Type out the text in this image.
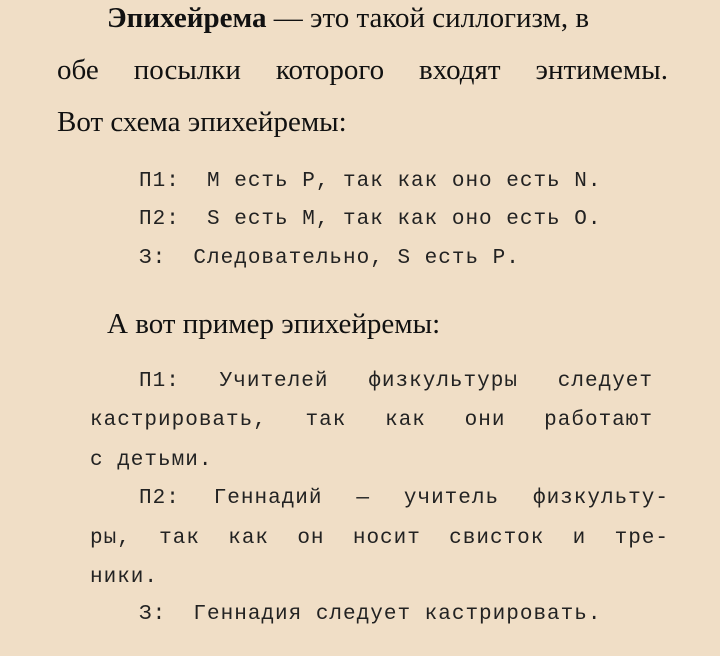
Эпихейрема — это такой силлогизм, в

обе посылки которого входят энтимемы.

Вот схема эпихейремы:

П1:  M есть P, так как оно есть N.

П2:  S есть M, так как оно есть O.

З:  Следовательно, S есть P.

А вот пример эпихейремы:

П1: Учителей физкультуры следует

кастрировать, так как они работают

с детьми.

П2: Геннадий — учитель физкульту-

ры, так как он носит свисток и тре-

ники.

З:  Геннадия следует кастрировать.
